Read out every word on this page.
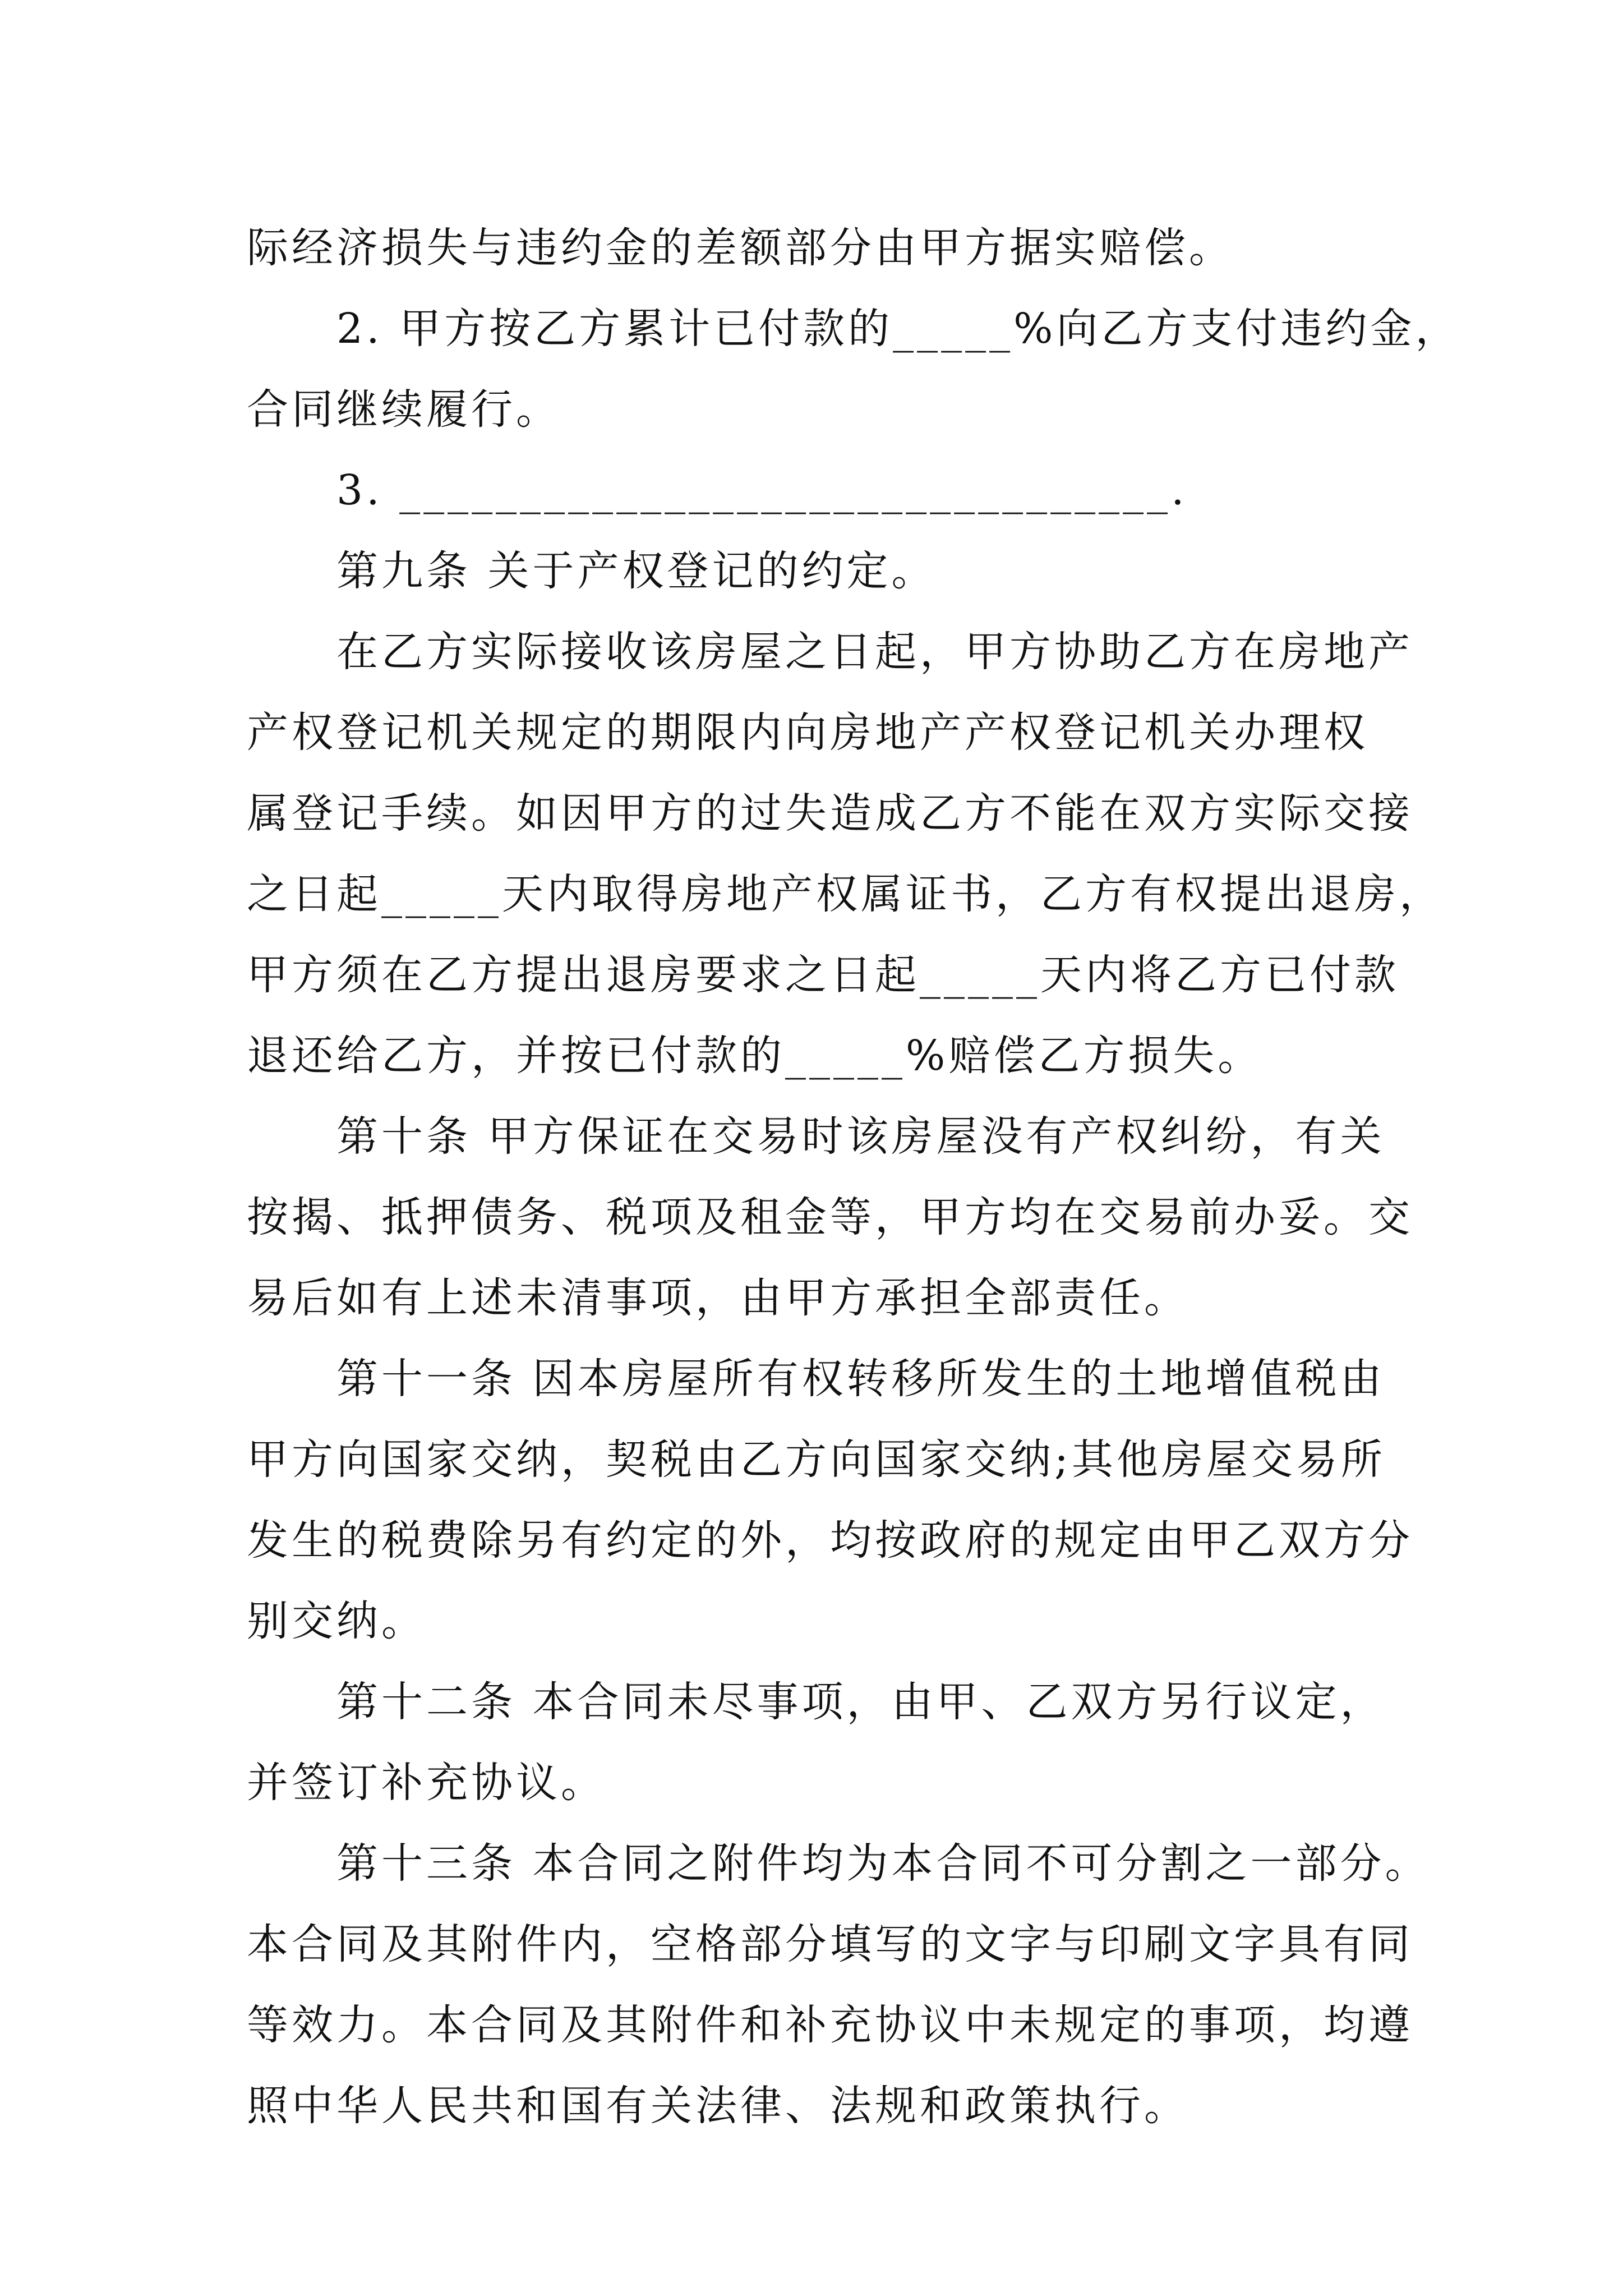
际经济损失与违约金的差额部分由甲方据实赔偿。
2. 甲方按乙方累计已付款的_____%向乙方支付违约金，
合同继续履行。
3. ________________________________.
第九条 关于产权登记的约定。
在乙方实际接收该房屋之日起，甲方协助乙方在房地产
产权登记机关规定的期限内向房地产产权登记机关办理权
属登记手续。如因甲方的过失造成乙方不能在双方实际交接
之日起_____天内取得房地产权属证书，乙方有权提出退房，
甲方须在乙方提出退房要求之日起_____天内将乙方已付款
退还给乙方，并按已付款的_____%赔偿乙方损失。
第十条 甲方保证在交易时该房屋没有产权纠纷，有关
按揭、抵押债务、税项及租金等，甲方均在交易前办妥。交
易后如有上述未清事项，由甲方承担全部责任。
第十一条 因本房屋所有权转移所发生的土地增值税由
甲方向国家交纳，契税由乙方向国家交纳;其他房屋交易所
发生的税费除另有约定的外，均按政府的规定由甲乙双方分
别交纳。
第十二条 本合同未尽事项，由甲、乙双方另行议定，
并签订补充协议。
第十三条 本合同之附件均为本合同不可分割之一部分。
本合同及其附件内，空格部分填写的文字与印刷文字具有同
等效力。本合同及其附件和补充协议中未规定的事项，均遵
照中华人民共和国有关法律、法规和政策执行。
